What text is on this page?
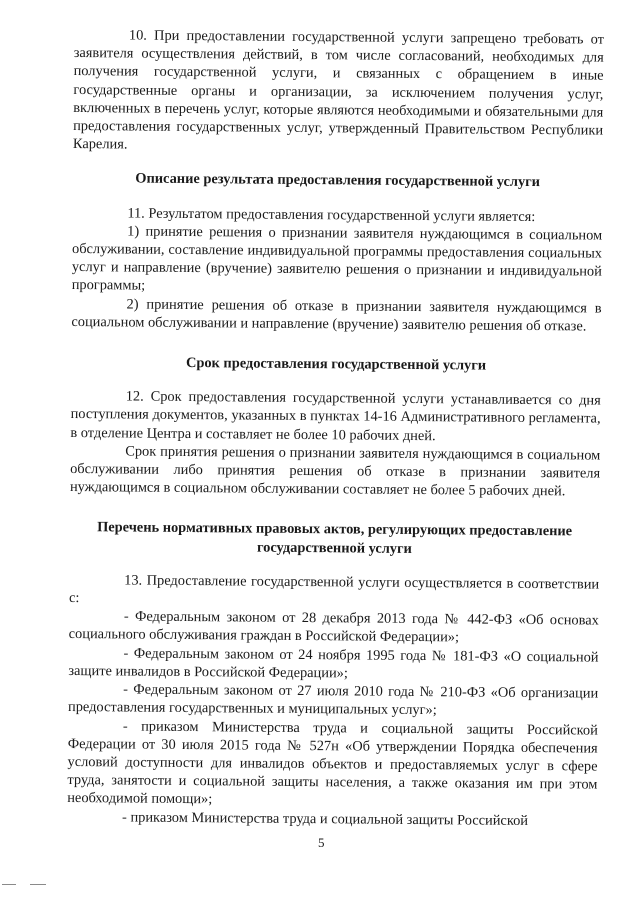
10. При предоставлении государственной услуги запрещено требовать от заявителя осуществления действий, в том числе согласований, необходимых для получения государственной услуги, и связанных с обращением в иные государственные органы и организации, за исключением получения услуг, включенных в перечень услуг, которые являются необходимыми и обязательными для предоставления государственных услуг, утвержденный Правительством Республики Карелия.

Описание результата предоставления государственной услуги

11. Результатом предоставления государственной услуги является:

1) принятие решения о признании заявителя нуждающимся в социальном обслуживании, составление индивидуальной программы предоставления социальных услуг и направление (вручение) заявителю решения о признании и индивидуальной программы;

2) принятие решения об отказе в признании заявителя нуждающимся в социальном обслуживании и направление (вручение) заявителю решения об отказе.

Срок предоставления государственной услуги

12. Срок предоставления государственной услуги устанавливается со дня поступления документов, указанных в пунктах 14-16 Административного регламента, в отделение Центра и составляет не более 10 рабочих дней.

Срок принятия решения о признании заявителя нуждающимся в социальном обслуживании либо принятия решения об отказе в признании заявителя нуждающимся в социальном обслуживании составляет не более 5 рабочих дней.

Перечень нормативных правовых актов, регулирующих предоставление государственной услуги

13. Предоставление государственной услуги осуществляется в соответствии с:

- Федеральным законом от 28 декабря 2013 года № 442-ФЗ «Об основах социального обслуживания граждан в Российской Федерации»;

- Федеральным законом от 24 ноября 1995 года № 181-ФЗ «О социальной защите инвалидов в Российской Федерации»;

- Федеральным законом от 27 июля 2010 года № 210-ФЗ «Об организации предоставления государственных и муниципальных услуг»;

- приказом Министерства труда и социальной защиты Российской Федерации от 30 июля 2015 года № 527н «Об утверждении Порядка обеспечения условий доступности для инвалидов объектов и предоставляемых услуг в сфере труда, занятости и социальной защиты населения, а также оказания им при этом необходимой помощи»;

- приказом Министерства труда и социальной защиты Российской

5
